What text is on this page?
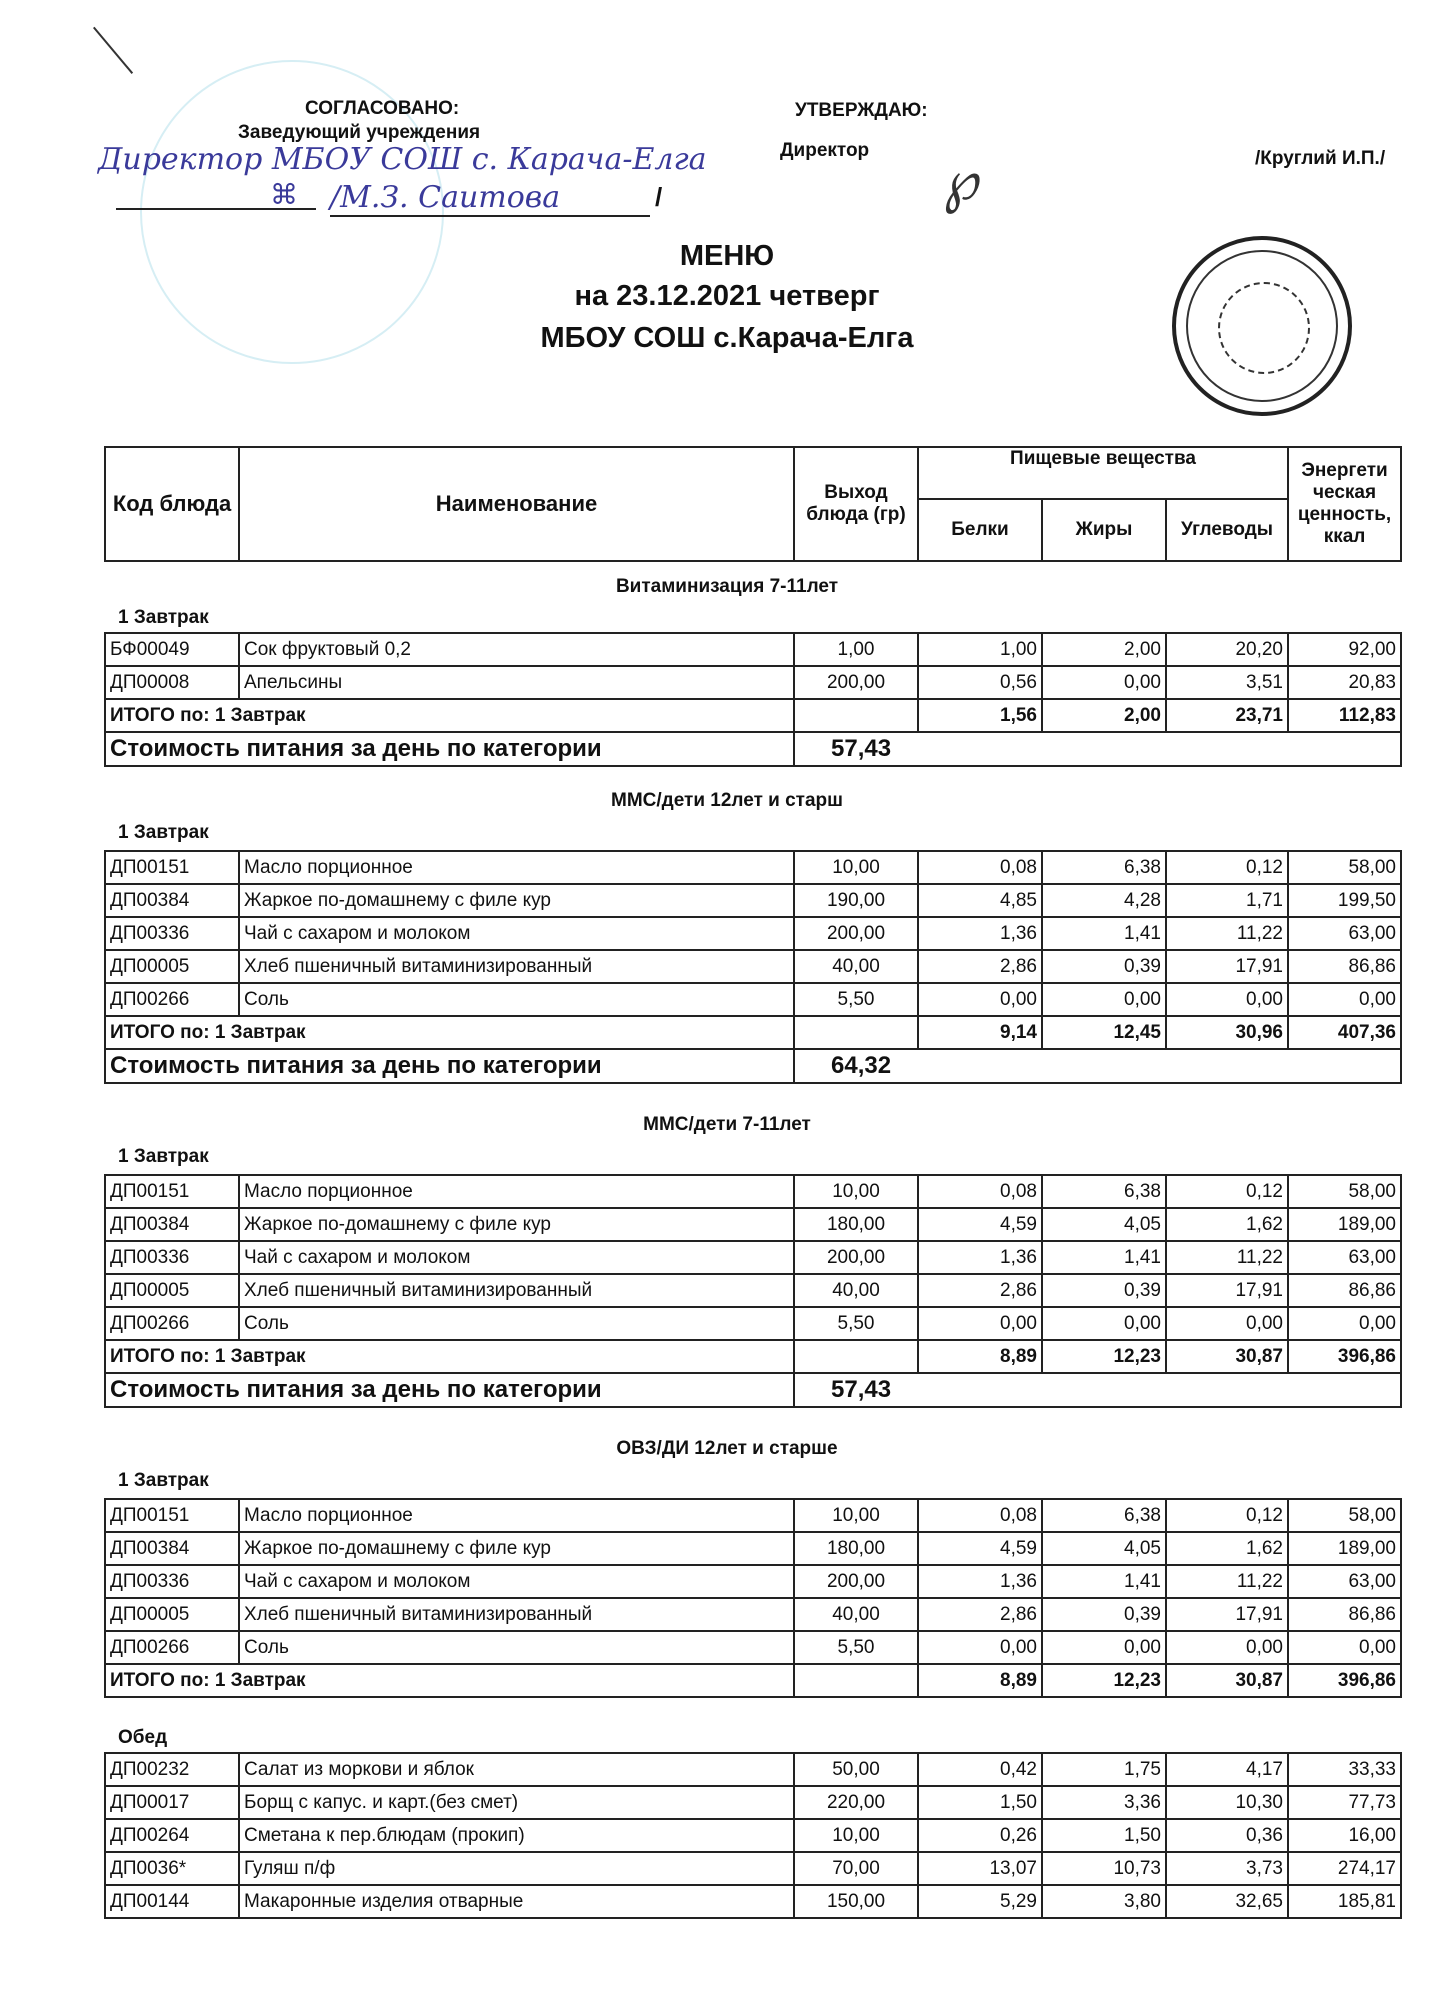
СОГЛАСОВАНО:
Заведующий учреждения
Директор МБОУ СОШ с. Карача-Елга
⌘ /М.З. Саитова	/
УТВЕРЖДАЮ:
Директор ℘	/Круглий И.П./
МЕНЮ
на 23.12.2021 четверг
МБОУ СОШ с.Карача-Елга
Код блюда	Наименование	Выход блюда (гр)	Пищевые вещества			Энергети ческая ценность, ккал
			Белки	Жиры	Углеводы	
Витаминизация 7-11лет
1 Завтрак
БФ00049	Сок фруктовый 0,2	1,00	1,00	2,00	20,20	92,00
ДП00008	Апельсины	200,00	0,56	0,00	3,51	20,83
ИТОГО по: 1 Завтрак			1,56	2,00	23,71	112,83
Стоимость питания за день по категории		57,43				
ММС/дети 12лет и старш
1 Завтрак
ДП00151	Масло порционное	10,00	0,08	6,38	0,12	58,00
ДП00384	Жаркое по-домашнему с филе кур	190,00	4,85	4,28	1,71	199,50
ДП00336	Чай с сахаром и молоком	200,00	1,36	1,41	11,22	63,00
ДП00005	Хлеб пшеничный витаминизированный	40,00	2,86	0,39	17,91	86,86
ДП00266	Соль	5,50	0,00	0,00	0,00	0,00
ИТОГО по: 1 Завтрак			9,14	12,45	30,96	407,36
Стоимость питания за день по категории		64,32				
ММС/дети 7-11лет
1 Завтрак
ДП00151	Масло порционное	10,00	0,08	6,38	0,12	58,00
ДП00384	Жаркое по-домашнему с филе кур	180,00	4,59	4,05	1,62	189,00
ДП00336	Чай с сахаром и молоком	200,00	1,36	1,41	11,22	63,00
ДП00005	Хлеб пшеничный витаминизированный	40,00	2,86	0,39	17,91	86,86
ДП00266	Соль	5,50	0,00	0,00	0,00	0,00
ИТОГО по: 1 Завтрак			8,89	12,23	30,87	396,86
Стоимость питания за день по категории		57,43				
ОВЗ/ДИ 12лет и старше
1 Завтрак
ДП00151	Масло порционное	10,00	0,08	6,38	0,12	58,00
ДП00384	Жаркое по-домашнему с филе кур	180,00	4,59	4,05	1,62	189,00
ДП00336	Чай с сахаром и молоком	200,00	1,36	1,41	11,22	63,00
ДП00005	Хлеб пшеничный витаминизированный	40,00	2,86	0,39	17,91	86,86
ДП00266	Соль	5,50	0,00	0,00	0,00	0,00
ИТОГО по: 1 Завтрак			8,89	12,23	30,87	396,86
Обед
ДП00232	Салат из моркови и яблок	50,00	0,42	1,75	4,17	33,33
ДП00017	Борщ с капус. и карт.(без смет)	220,00	1,50	3,36	10,30	77,73
ДП00264	Сметана к пер.блюдам (прокип)	10,00	0,26	1,50	0,36	16,00
ДП0036*	Гуляш п/ф	70,00	13,07	10,73	3,73	274,17
ДП00144	Макаронные изделия отварные	150,00	5,29	3,80	32,65	185,81
